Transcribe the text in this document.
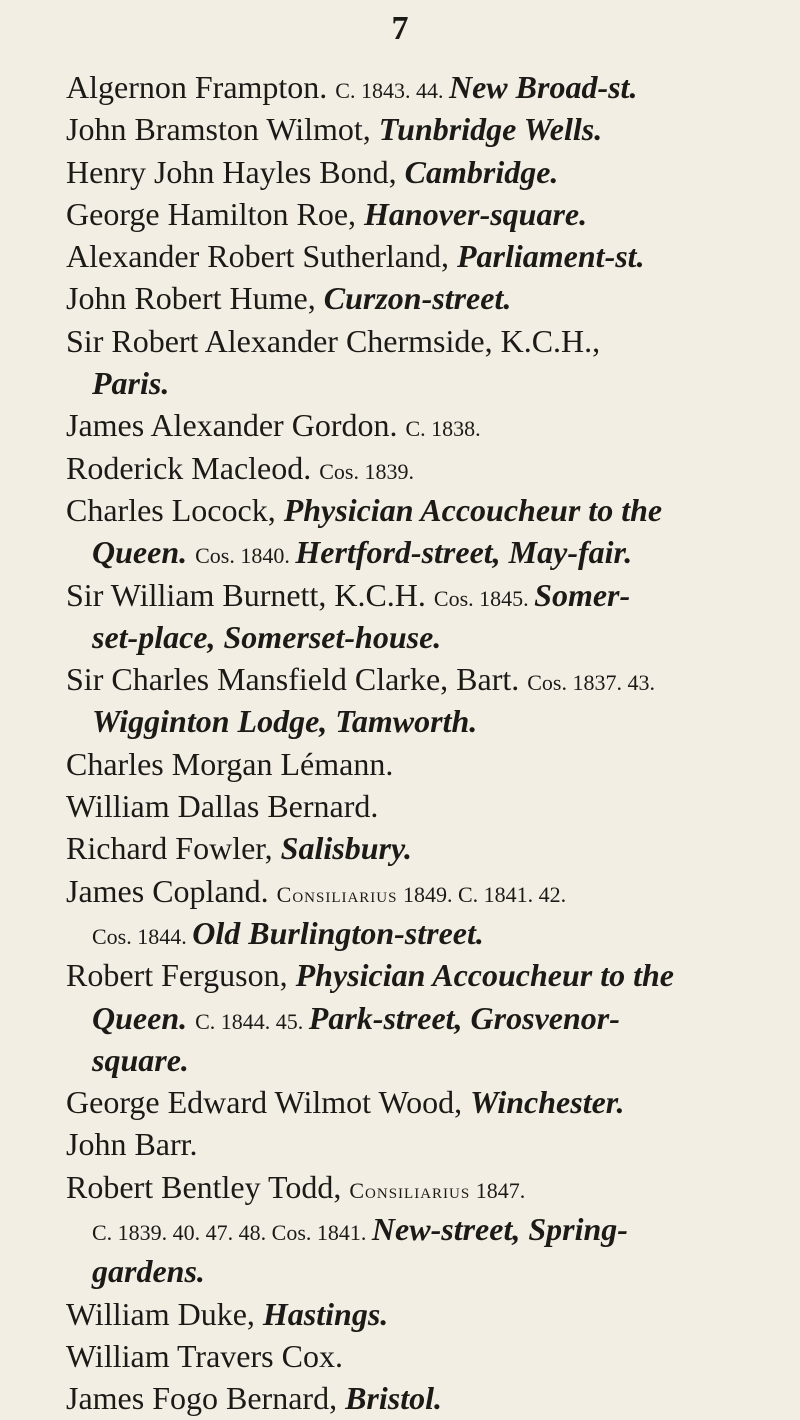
7
Algernon Frampton. C. 1843. 44. New Broad-st.
John Bramston Wilmot, Tunbridge Wells.
Henry John Hayles Bond, Cambridge.
George Hamilton Roe, Hanover-square.
Alexander Robert Sutherland, Parliament-st.
John Robert Hume, Curzon-street.
Sir Robert Alexander Chermside, K.C.H.,
Paris.
James Alexander Gordon. C. 1838.
Roderick Macleod. Cos. 1839.
Charles Locock, Physician Accoucheur to the
Queen. Cos. 1840. Hertford-street, May-fair.
Sir William Burnett, K.C.H. Cos. 1845. Somer-
set-place, Somerset-house.
Sir Charles Mansfield Clarke, Bart. Cos. 1837. 43.
Wigginton Lodge, Tamworth.
Charles Morgan Lémann.
William Dallas Bernard.
Richard Fowler, Salisbury.
James Copland. Consiliarius 1849. C. 1841. 42.
Cos. 1844. Old Burlington-street.
Robert Ferguson, Physician Accoucheur to the
Queen. C. 1844. 45. Park-street, Grosvenor-
square.
George Edward Wilmot Wood, Winchester.
John Barr.
Robert Bentley Todd, Consiliarius 1847.
C. 1839. 40. 47. 48. Cos. 1841. New-street, Spring-
gardens.
William Duke, Hastings.
William Travers Cox.
James Fogo Bernard, Bristol.
